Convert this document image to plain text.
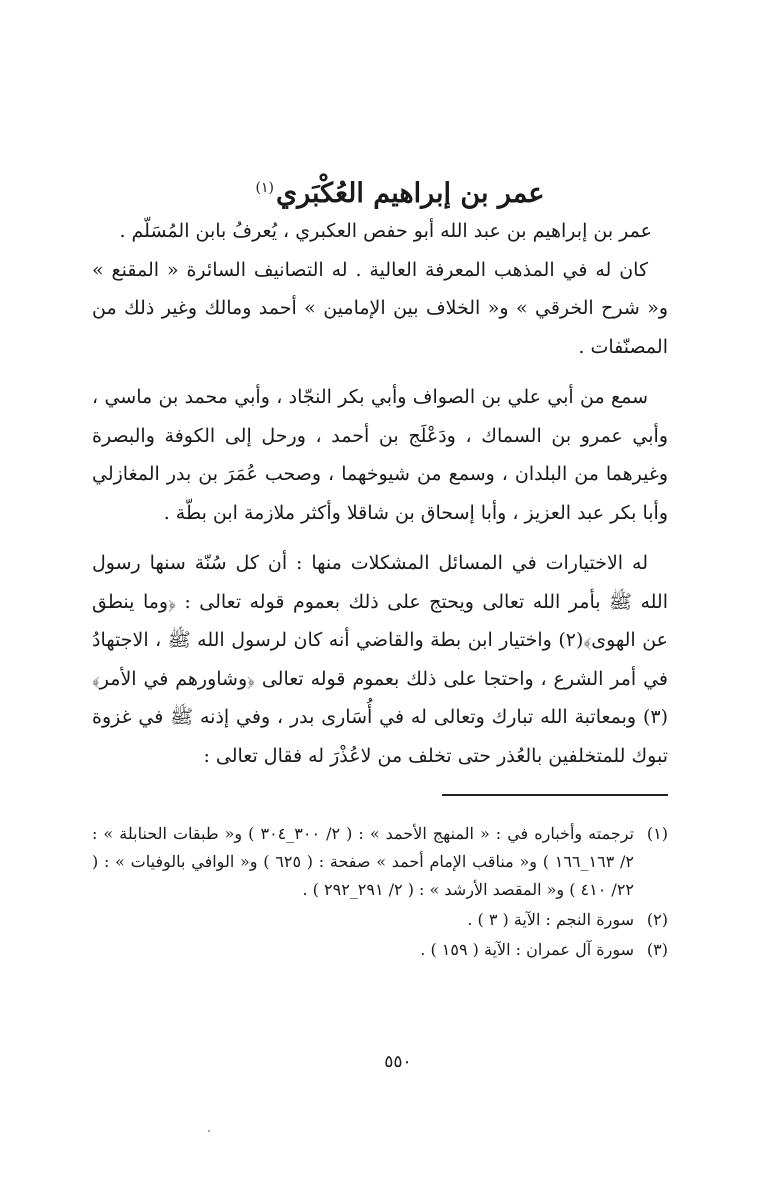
عمر بن إبراهيم العُكْبَري$^{(١)}$

عمر بن إبراهيم بن عبد الله أبو حفص العكبري ، يُعرفُ بابن المُسَلّم .

كان له في المذهب المعرفة العالية . له التصانيف السائرة « المقنع » و« شرح الخرقي » و« الخلاف بين الإمامين » أحمد ومالك وغير ذلك من المصنّفات .

سمع من أبي علي بن الصواف وأبي بكر النجّاد ، وأبي محمد بن ماسي ، وأبي عمرو بن السماك ، ودَعْلَج بن أحمد ، ورحل إلى الكوفة والبصرة وغيرهما من البلدان ، وسمع من شيوخهما ، وصحب عُمَرَ بن بدر المغازلي وأبا بكر عبد العزيز ، وأبا إسحاق بن شاقلا وأكثر ملازمة ابن بطّة .

له الاختيارات في المسائل المشكلات منها : أن كل سُنّة سنها رسول الله ﷺ بأمر الله تعالى ويحتج على ذلك بعموم قوله تعالى : ﴿وما ينطق عن الهوى﴾(٢) واختيار ابن بطة والقاضي أنه كان لرسول الله ﷺ ، الاجتهادُ في أمر الشرع ، واحتجا على ذلك بعموم قوله تعالى ﴿وشاورهم في الأمر﴾(٣) وبمعاتبة الله تبارك وتعالى له في أُسَارى بدر ، وفي إذنه ﷺ في غزوة تبوك للمتخلفين بالعُذر حتى تخلف من لاعُذْرَ له فقال تعالى :

(١)
ترجمته وأخباره في : « المنهج الأحمد » : ( ٢/ ٣٠٠_٣٠٤ ) و« طبقات الحنابلة » : ٢/ ١٦٣_١٦٦ ) و« مناقب الإمام أحمد » صفحة : ( ٦٢٥ ) و« الوافي بالوفيات » : ( ٢٢/ ٤١٠ ) و« المقصد الأرشد » : ( ٢/ ٢٩١_٢٩٢ ) .
(٢)
سورة النجم : الآية ( ٣ ) .
(٣)
سورة آل عمران : الآية ( ١٥٩ ) .
٥٥٠
